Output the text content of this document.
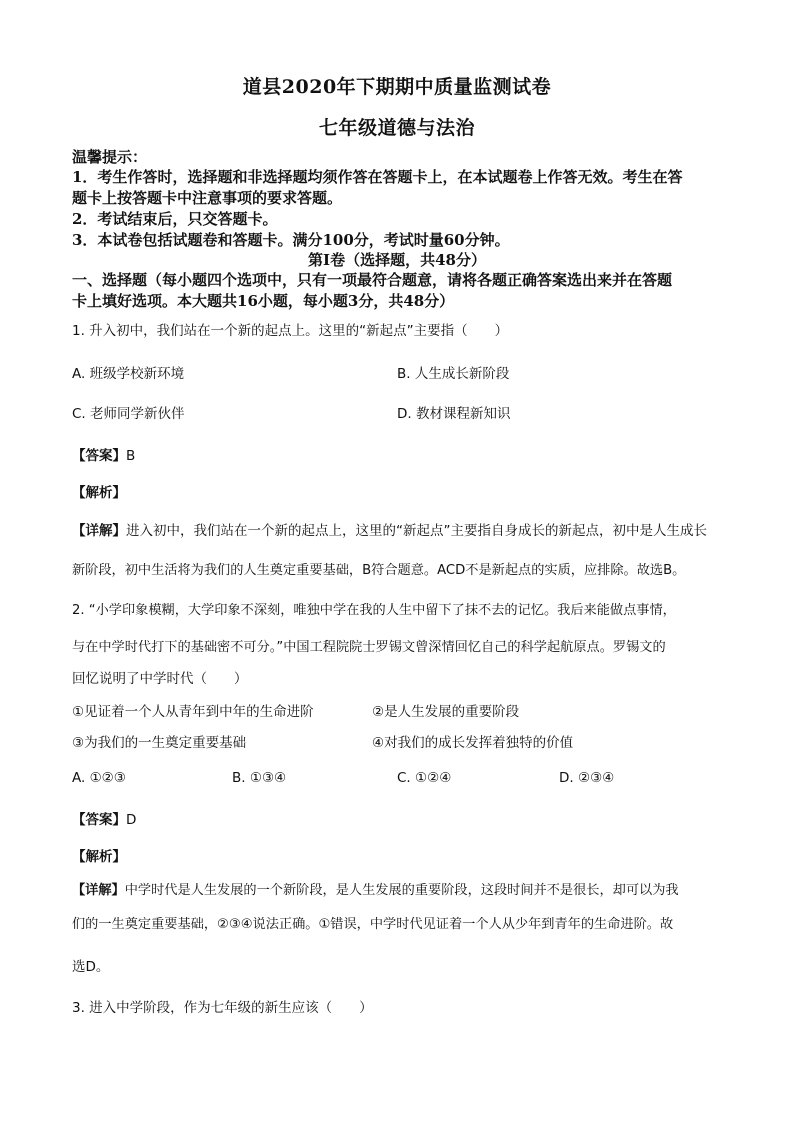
道县2020年下期期中质量监测试卷
七年级道德与法治
温馨提示：
1．考生作答时，选择题和非选择题均须作答在答题卡上，在本试题卷上作答无效。考生在答
题卡上按答题卡中注意事项的要求答题。
2．考试结束后，只交答题卡。
3．本试卷包括试题卷和答题卡。满分100分，考试时量60分钟。
第Ⅰ卷（选择题，共48分）
一、选择题（每小题四个选项中，只有一项最符合题意，请将各题正确答案选出来并在答题
卡上填好选项。本大题共16小题，每小题3分，共48分）
1. 升入初中，我们站在一个新的起点上。这里的“新起点”主要指（　　）
A. 班级学校新环境	B. 人生成长新阶段
C. 老师同学新伙伴	D. 教材课程新知识
【答案】B
【解析】
【详解】进入初中，我们站在一个新的起点上，这里的“新起点”主要指自身成长的新起点，初中是人生成长
新阶段，初中生活将为我们的人生奠定重要基础，B符合题意。ACD不是新起点的实质，应排除。故选B。
2. “小学印象模糊，大学印象不深刻，唯独中学在我的人生中留下了抹不去的记忆。我后来能做点事情，
与在中学时代打下的基础密不可分。”中国工程院院士罗锡文曾深情回忆自己的科学起航原点。罗锡文的
回忆说明了中学时代（　　）
①见证着一个人从青年到中年的生命进阶	②是人生发展的重要阶段
③为我们的一生奠定重要基础	④对我们的成长发挥着独特的价值
A. ①②③	B. ①③④	C. ①②④	D. ②③④
【答案】D
【解析】
【详解】中学时代是人生发展的一个新阶段，是人生发展的重要阶段，这段时间并不是很长，却可以为我
们的一生奠定重要基础，②③④说法正确。①错误，中学时代见证着一个人从少年到青年的生命进阶。故
选D。
3. 进入中学阶段，作为七年级的新生应该（　　）
